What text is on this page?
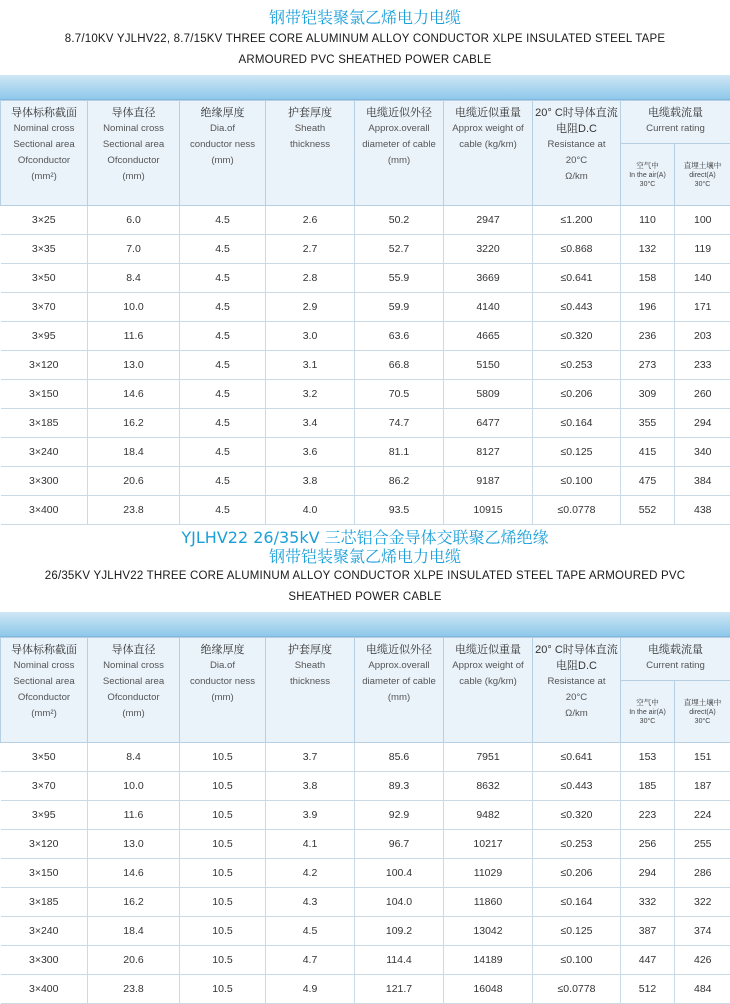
钢带铠装聚氯乙烯电力电缆
8.7/10KV YJLHV22, 8.7/15KV THREE CORE ALUMINUM ALLOY CONDUCTOR XLPE INSULATED STEEL TAPE
ARMOURED PVC SHEATHED POWER CABLE
导体标称截面
Nominal cross
Sectional area
Ofconductor
(mm²)	导体直径
Nominal cross
Sectional area
Ofconductor
(mm)	绝缘厚度
Dia.of
conductor ness
(mm)	护套厚度
Sheath
thickness	电缆近似外径
Approx.overall
diameter of cable
(mm)	电缆近似重量
Approx weight of
cable (kg/km)	20° C时导体直流
电阻D.C
Resistance at
20°C
Ω/km	电缆载流量
Current rating	

							空气中
In the air(A)
30°C	直埋土壤中
direct(A)
30°C

3×25	6.0	4.5	2.6	50.2	2947	≤1.200	110	100
3×35	7.0	4.5	2.7	52.7	3220	≤0.868	132	119
3×50	8.4	4.5	2.8	55.9	3669	≤0.641	158	140
3×70	10.0	4.5	2.9	59.9	4140	≤0.443	196	171
3×95	11.6	4.5	3.0	63.6	4665	≤0.320	236	203
3×120	13.0	4.5	3.1	66.8	5150	≤0.253	273	233
3×150	14.6	4.5	3.2	70.5	5809	≤0.206	309	260
3×185	16.2	4.5	3.4	74.7	6477	≤0.164	355	294
3×240	18.4	4.5	3.6	81.1	8127	≤0.125	415	340
3×300	20.6	4.5	3.8	86.2	9187	≤0.100	475	384
3×400	23.8	4.5	4.0	93.5	10915	≤0.0778	552	438
YJLHV22 26/35kV 三芯铝合金导体交联聚乙烯绝缘
钢带铠装聚氯乙烯电力电缆
26/35KV YJLHV22 THREE CORE ALUMINUM ALLOY CONDUCTOR XLPE INSULATED STEEL TAPE ARMOURED PVC
SHEATHED POWER CABLE
导体标称截面
Nominal cross
Sectional area
Ofconductor
(mm²)	导体直径
Nominal cross
Sectional area
Ofconductor
(mm)	绝缘厚度
Dia.of
conductor ness
(mm)	护套厚度
Sheath
thickness	电缆近似外径
Approx.overall
diameter of cable
(mm)	电缆近似重量
Approx weight of
cable (kg/km)	20° C时导体直流
电阻D.C
Resistance at
20°C
Ω/km	电缆载流量
Current rating	

							空气中
In the air(A)
30°C	直埋土壤中
direct(A)
30°C

3×50	8.4	10.5	3.7	85.6	7951	≤0.641	153	151
3×70	10.0	10.5	3.8	89.3	8632	≤0.443	185	187
3×95	11.6	10.5	3.9	92.9	9482	≤0.320	223	224
3×120	13.0	10.5	4.1	96.7	10217	≤0.253	256	255
3×150	14.6	10.5	4.2	100.4	11029	≤0.206	294	286
3×185	16.2	10.5	4.3	104.0	11860	≤0.164	332	322
3×240	18.4	10.5	4.5	109.2	13042	≤0.125	387	374
3×300	20.6	10.5	4.7	114.4	14189	≤0.100	447	426
3×400	23.8	10.5	4.9	121.7	16048	≤0.0778	512	484
